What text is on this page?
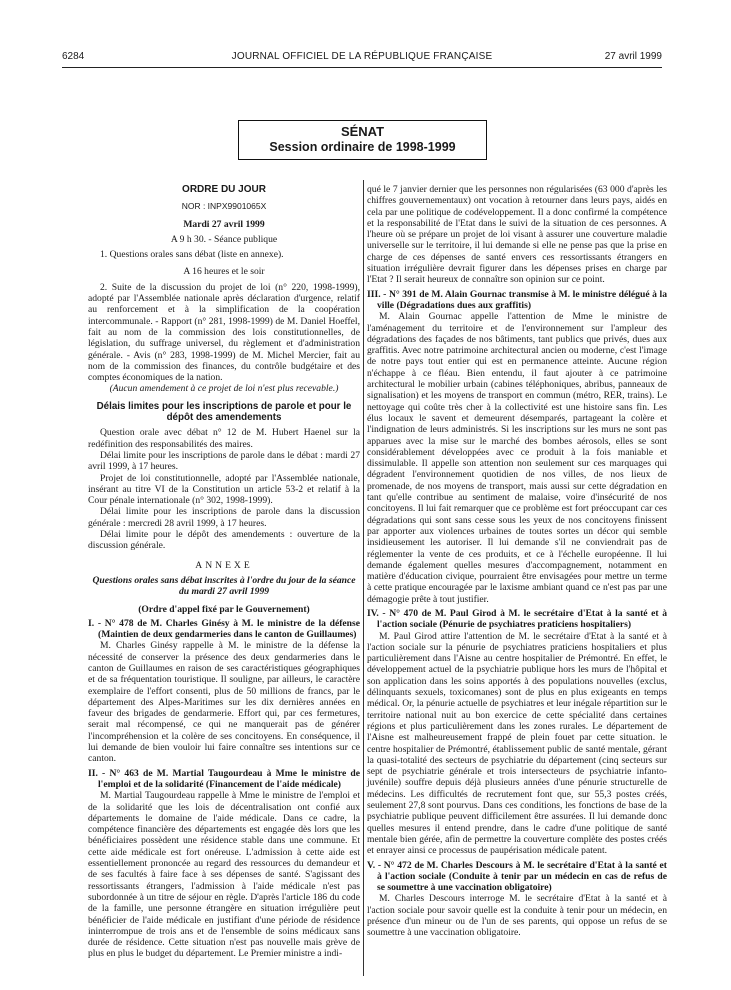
6284	JOURNAL OFFICIEL DE LA RÉPUBLIQUE FRANÇAISE	27 avril 1999
SÉNAT
Session ordinaire de 1998-1999
ORDRE DU JOUR
NOR : INPX9901065X
Mardi 27 avril 1999
A 9 h 30. - Séance publique

1. Questions orales sans débat (liste en annexe).

A 16 heures et le soir

2. Suite de la discussion du projet de loi (n° 220, 1998-1999), adopté par l'Assemblée nationale après déclaration d'urgence, relatif au renforcement et à la simplification de la coopération intercommunale. - Rapport (n° 281, 1998-1999) de M. Daniel Hoeffel, fait au nom de la commission des lois constitutionnelles, de législation, du suffrage universel, du règlement et d'administration générale. - Avis (n° 283, 1998-1999) de M. Michel Mercier, fait au nom de la commission des finances, du contrôle budgétaire et des comptes économiques de la nation.

(Aucun amendement à ce projet de loi n'est plus recevable.)
Délais limites pour les inscriptions de parole et pour le dépôt des amendements

Question orale avec débat n° 12 de M. Hubert Haenel sur la redéfinition des responsabilités des maires.

Délai limite pour les inscriptions de parole dans le débat : mardi 27 avril 1999, à 17 heures.

Projet de loi constitutionnelle, adopté par l'Assemblée nationale, insérant au titre VI de la Constitution un article 53-2 et relatif à la Cour pénale internationale (n° 302, 1998-1999).

Délai limite pour les inscriptions de parole dans la discussion générale : mercredi 28 avril 1999, à 17 heures.

Délai limite pour le dépôt des amendements : ouverture de la discussion générale.

ANNEXE
Questions orales sans débat inscrites à l'ordre du jour de la séance du mardi 27 avril 1999
(Ordre d'appel fixé par le Gouvernement)

I. - N° 478 de M. Charles Ginésy à M. le ministre de la défense (Maintien de deux gendarmeries dans le canton de Guillaumes)

M. Charles Ginésy rappelle à M. le ministre de la défense la nécessité de conserver la présence des deux gendarmeries dans le canton de Guillaumes en raison de ses caractéristiques géographiques et de sa fréquentation touristique. Il souligne, par ailleurs, le caractère exemplaire de l'effort consenti, plus de 50 millions de francs, par le département des Alpes-Maritimes sur les dix dernières années en faveur des brigades de gendarmerie. Effort qui, par ces fermetures, serait mal récompensé, ce qui ne manquerait pas de générer l'incompréhension et la colère de ses concitoyens. En conséquence, il lui demande de bien vouloir lui faire connaître ses intentions sur ce canton.

II. - N° 463 de M. Martial Taugourdeau à Mme le ministre de l'emploi et de la solidarité (Financement de l'aide médicale)

M. Martial Taugourdeau rappelle à Mme le ministre de l'emploi et de la solidarité que les lois de décentralisation ont confié aux départements le domaine de l'aide médicale. Dans ce cadre, la compétence financière des départements est engagée dès lors que les bénéficiaires possèdent une résidence stable dans une commune. Et cette aide médicale est fort onéreuse. L'admission à cette aide est essentiellement prononcée au regard des ressources du demandeur et de ses facultés à faire face à ses dépenses de santé. S'agissant des ressortissants étrangers, l'admission à l'aide médicale n'est pas subordonnée à un titre de séjour en règle. D'après l'article 186 du code de la famille, une personne étrangère en situation irrégulière peut bénéficier de l'aide médicale en justifiant d'une période de résidence ininterrompue de trois ans et de l'ensemble de soins médicaux sans durée de résidence. Cette situation n'est pas nouvelle mais grève de plus en plus le budget du département. Le Premier ministre a indi-

qué le 7 janvier dernier que les personnes non régularisées (63 000 d'après les chiffres gouvernementaux) ont vocation à retourner dans leurs pays, aidés en cela par une politique de codéveloppement. Il a donc confirmé la compétence et la responsabilité de l'Etat dans le suivi de la situation de ces personnes. A l'heure où se prépare un projet de loi visant à assurer une couverture maladie universelle sur le territoire, il lui demande si elle ne pense pas que la prise en charge de ces dépenses de santé envers ces ressortissants étrangers en situation irrégulière devrait figurer dans les dépenses prises en charge par l'Etat ? Il serait heureux de connaître son opinion sur ce point.

III. - N° 391 de M. Alain Gournac transmise à M. le ministre délégué à la ville (Dégradations dues aux graffitis)

M. Alain Gournac appelle l'attention de Mme le ministre de l'aménagement du territoire et de l'environnement sur l'ampleur des dégradations des façades de nos bâtiments, tant publics que privés, dues aux graffitis. Avec notre patrimoine architectural ancien ou moderne, c'est l'image de notre pays tout entier qui est en permanence atteinte. Aucune région n'échappe à ce fléau. Bien entendu, il faut ajouter à ce patrimoine architectural le mobilier urbain (cabines téléphoniques, abribus, panneaux de signalisation) et les moyens de transport en commun (métro, RER, trains). Le nettoyage qui coûte très cher à la collectivité est une histoire sans fin. Les élus locaux le savent et demeurent désemparés, partageant la colère et l'indignation de leurs administrés. Si les inscriptions sur les murs ne sont pas apparues avec la mise sur le marché des bombes aérosols, elles se sont considérablement développées avec ce produit à la fois maniable et dissimulable. Il appelle son attention non seulement sur ces marquages qui dégradent l'environnement quotidien de nos villes, de nos lieux de promenade, de nos moyens de transport, mais aussi sur cette dégradation en tant qu'elle contribue au sentiment de malaise, voire d'insécurité de nos concitoyens. Il lui fait remarquer que ce problème est fort préoccupant car ces dégradations qui sont sans cesse sous les yeux de nos concitoyens finissent par apporter aux violences urbaines de toutes sortes un décor qui semble insidieusement les autoriser. Il lui demande s'il ne conviendrait pas de réglementer la vente de ces produits, et ce à l'échelle européenne. Il lui demande également quelles mesures d'accompagnement, notamment en matière d'éducation civique, pourraient être envisagées pour mettre un terme à cette pratique encouragée par le laxisme ambiant quand ce n'est pas par une démagogie prête à tout justifier.

IV. - N° 470 de M. Paul Girod à M. le secrétaire d'Etat à la santé et à l'action sociale (Pénurie de psychiatres praticiens hospitaliers)

M. Paul Girod attire l'attention de M. le secrétaire d'Etat à la santé et à l'action sociale sur la pénurie de psychiatres praticiens hospitaliers et plus particulièrement dans l'Aisne au centre hospitalier de Prémontré. En effet, le développement actuel de la psychiatrie publique hors les murs de l'hôpital et son application dans les soins apportés à des populations nouvelles (exclus, délinquants sexuels, toxicomanes) sont de plus en plus exigeants en temps médical. Or, la pénurie actuelle de psychiatres et leur inégale répartition sur le territoire national nuit au bon exercice de cette spécialité dans certaines régions et plus particulièrement dans les zones rurales. Le département de l'Aisne est malheureusement frappé de plein fouet par cette situation. le centre hospitalier de Prémontré, établissement public de santé mentale, gérant la quasi-totalité des secteurs de psychiatrie du département (cinq secteurs sur sept de psychiatrie générale et trois intersecteurs de psychiatrie infanto-juvénile) souffre depuis déjà plusieurs années d'une pénurie structurelle de médecins. Les difficultés de recrutement font que, sur 55,3 postes créés, seulement 27,8 sont pourvus. Dans ces conditions, les fonctions de base de la psychiatrie publique peuvent difficilement être assurées. Il lui demande donc quelles mesures il entend prendre, dans le cadre d'une politique de santé mentale bien gérée, afin de permettre la couverture complète des postes créés et enrayer ainsi ce processus de paupérisation médicale patent.

V. - N° 472 de M. Charles Descours à M. le secrétaire d'Etat à la santé et à l'action sociale (Conduite à tenir par un médecin en cas de refus de se soumettre à une vaccination obligatoire)

M. Charles Descours interroge M. le secrétaire d'Etat à la santé et à l'action sociale pour savoir quelle est la conduite à tenir pour un médecin, en présence d'un mineur ou de l'un de ses parents, qui oppose un refus de se soumettre à une vaccination obligatoire.
